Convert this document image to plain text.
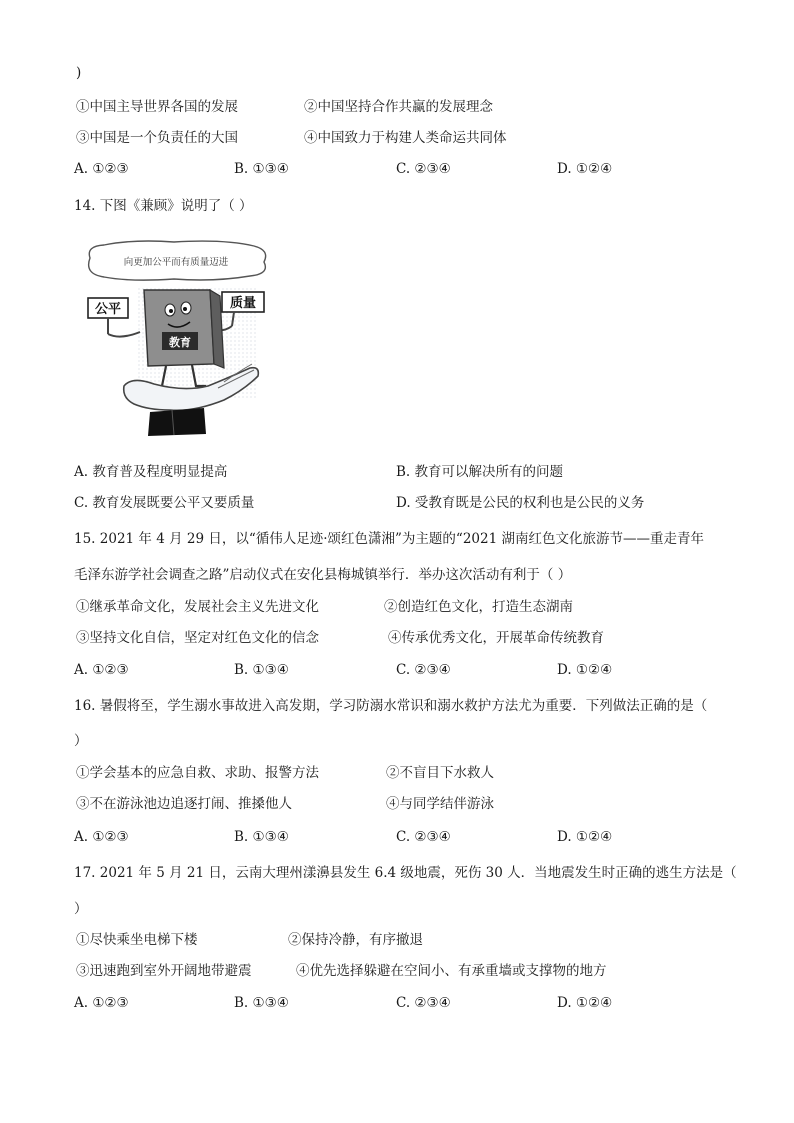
)
①中国主导世界各国的发展	②中国坚持合作共赢的发展理念
③中国是一个负责任的大国	④中国致力于构建人类命运共同体
A. ①②③	B. ①③④	C. ②③④	D. ①②④
14. 下图《兼顾》说明了（ ）
向更加公平而有质量迈进
公平	质量
教育
A. 教育普及程度明显提高	B. 教育可以解决所有的问题
C. 教育发展既要公平又要质量	D. 受教育既是公民的权利也是公民的义务
15. 2021 年 4 月 29 日，以“循伟人足迹·颂红色潇湘”为主题的“2021 湖南红色文化旅游节——重走青年
毛泽东游学社会调查之路”启动仪式在安化县梅城镇举行．举办这次活动有利于（ ）
①继承革命文化，发展社会主义先进文化	②创造红色文化，打造生态湖南
③坚持文化自信，坚定对红色文化的信念	④传承优秀文化，开展革命传统教育
A. ①②③	B. ①③④	C. ②③④	D. ①②④
16. 暑假将至，学生溺水事故进入高发期，学习防溺水常识和溺水救护方法尤为重要．下列做法正确的是（
）
①学会基本的应急自救、求助、报警方法	②不盲目下水救人
③不在游泳池边追逐打闹、推搡他人	④与同学结伴游泳
A. ①②③	B. ①③④	C. ②③④	D. ①②④
17. 2021 年 5 月 21 日，云南大理州漾濞县发生 6.4 级地震，死伤 30 人．当地震发生时正确的逃生方法是（
）
①尽快乘坐电梯下楼	②保持冷静，有序撤退
③迅速跑到室外开阔地带避震	④优先选择躲避在空间小、有承重墙或支撑物的地方
A. ①②③	B. ①③④	C. ②③④	D. ①②④
